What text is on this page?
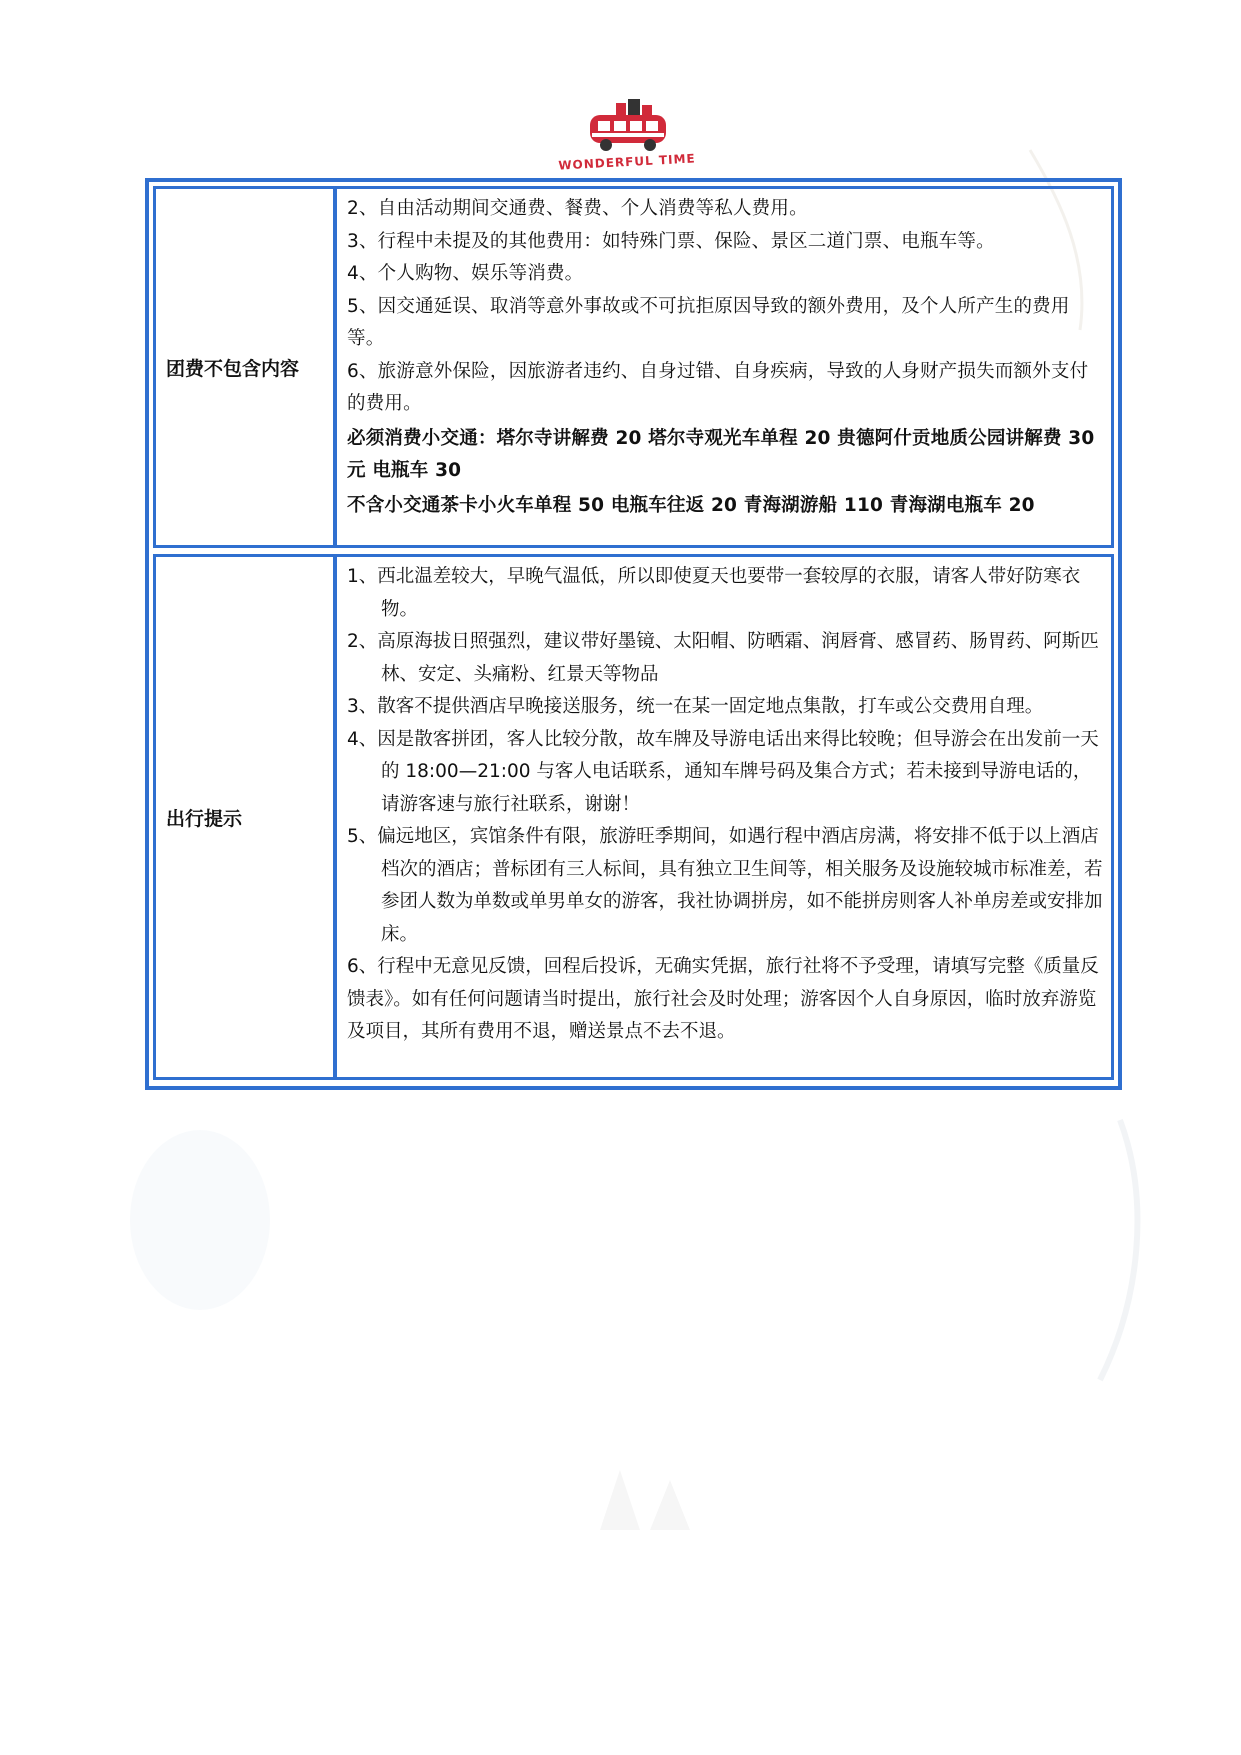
WONDERFUL TIME
团费不包含内容

2、自由活动期间交通费、餐费、个人消费等私人费用。

3、行程中未提及的其他费用：如特殊门票、保险、景区二道门票、电瓶车等。

4、个人购物、娱乐等消费。

5、因交通延误、取消等意外事故或不可抗拒原因导致的额外费用，及个人所产生的费用等。

6、旅游意外保险，因旅游者违约、自身过错、自身疾病，导致的人身财产损失而额外支付的费用。

必须消费小交通：塔尔寺讲解费 20 塔尔寺观光车单程 20 贵德阿什贡地质公园讲解费 30 元 电瓶车 30

不含小交通茶卡小火车单程 50 电瓶车往返 20 青海湖游船 110 青海湖电瓶车 20

出行提示

1、西北温差较大，早晚气温低，所以即使夏天也要带一套较厚的衣服，请客人带好防寒衣物。

2、高原海拔日照强烈，建议带好墨镜、太阳帽、防晒霜、润唇膏、感冒药、肠胃药、阿斯匹林、安定、头痛粉、红景天等物品

3、散客不提供酒店早晚接送服务，统一在某一固定地点集散，打车或公交费用自理。

4、因是散客拼团，客人比较分散，故车牌及导游电话出来得比较晚；但导游会在出发前一天的 18:00—21:00 与客人电话联系，通知车牌号码及集合方式；若未接到导游电话的，请游客速与旅行社联系，谢谢！

5、偏远地区，宾馆条件有限，旅游旺季期间，如遇行程中酒店房满，将安排不低于以上酒店档次的酒店；普标团有三人标间，具有独立卫生间等，相关服务及设施较城市标准差，若参团人数为单数或单男单女的游客，我社协调拼房，如不能拼房则客人补单房差或安排加床。

6、行程中无意见反馈，回程后投诉，无确实凭据，旅行社将不予受理，请填写完整《质量反馈表》。如有任何问题请当时提出，旅行社会及时处理；游客因个人自身原因，临时放弃游览及项目，其所有费用不退，赠送景点不去不退。
